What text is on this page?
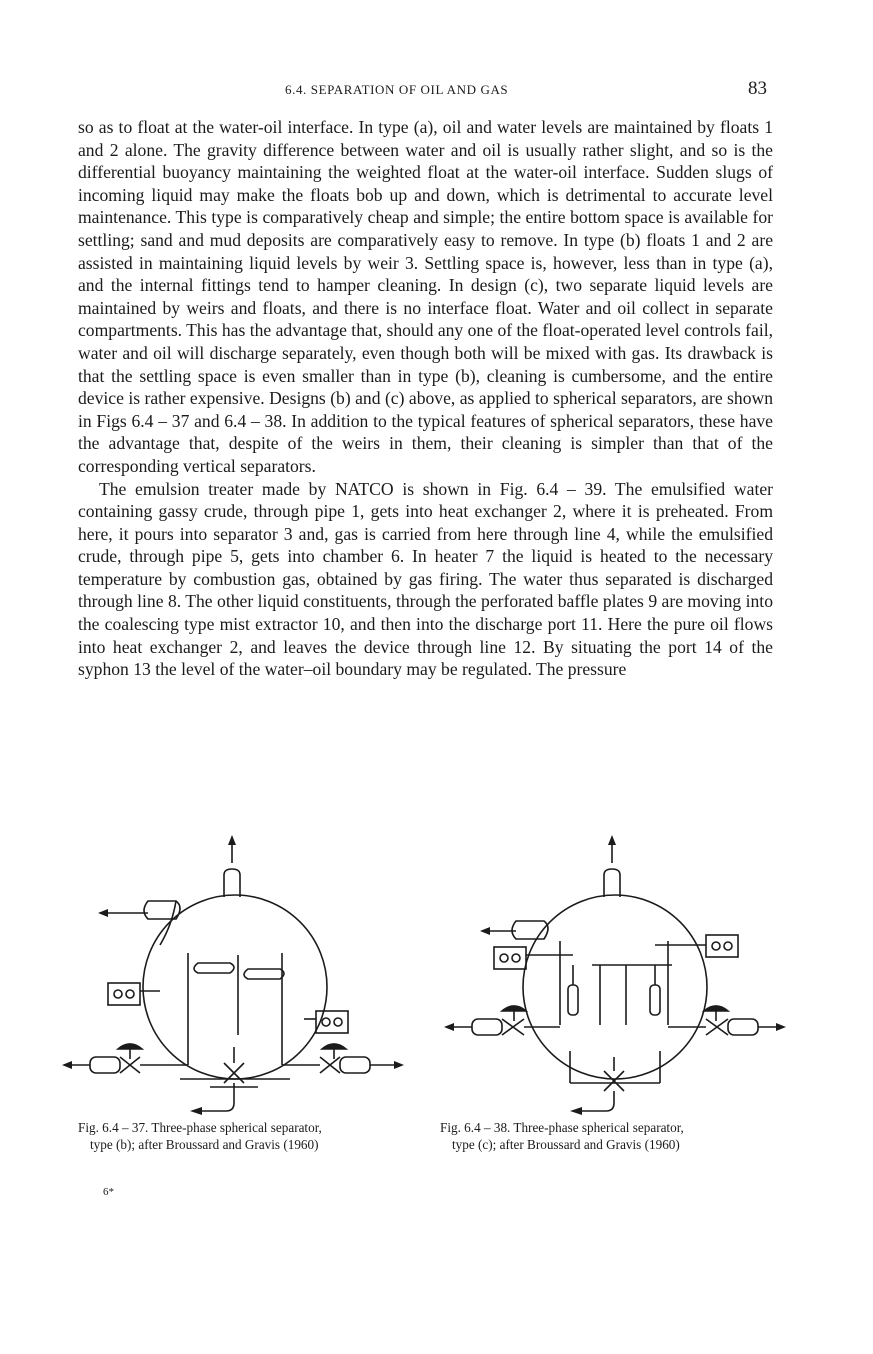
6.4. SEPARATION OF OIL AND GAS	83

so as to float at the water-oil interface. In type (a), oil and water levels are maintained by floats 1 and 2 alone. The gravity difference between water and oil is usually rather slight, and so is the differential buoyancy maintaining the weighted float at the water-oil interface. Sudden slugs of incoming liquid may make the floats bob up and down, which is detrimental to accurate level maintenance. This type is comparatively cheap and simple; the entire bottom space is available for settling; sand and mud deposits are comparatively easy to remove. In type (b) floats 1 and 2 are assisted in maintaining liquid levels by weir 3. Settling space is, however, less than in type (a), and the internal fittings tend to hamper cleaning. In design (c), two separate liquid levels are maintained by weirs and floats, and there is no interface float. Water and oil collect in separate compartments. This has the advantage that, should any one of the float-operated level controls fail, water and oil will discharge separately, even though both will be mixed with gas. Its drawback is that the settling space is even smaller than in type (b), cleaning is cumbersome, and the entire device is rather expensive. Designs (b) and (c) above, as applied to spherical separators, are shown in Figs 6.4 – 37 and 6.4 – 38. In addition to the typical features of spherical separators, these have the advantage that, despite of the weirs in them, their cleaning is simpler than that of the corresponding vertical separators.

The emulsion treater made by NATCO is shown in Fig. 6.4 – 39. The emulsified water containing gassy crude, through pipe 1, gets into heat exchanger 2, where it is preheated. From here, it pours into separator 3 and, gas is carried from here through line 4, while the emulsified crude, through pipe 5, gets into chamber 6. In heater 7 the liquid is heated to the necessary temperature by combustion gas, obtained by gas firing. The water thus separated is discharged through line 8. The other liquid constituents, through the perforated baffle plates 9 are moving into the coalescing type mist extractor 10, and then into the discharge port 11. Here the pure oil flows into heat exchanger 2, and leaves the device through line 12. By situating the port 14 of the syphon 13 the level of the water–oil boundary may be regulated. The pressure

Fig. 6.4 – 37. Three-phase spherical separator,
type (b); after Broussard and Gravis (1960)
Fig. 6.4 – 38. Three-phase spherical separator,
type (c); after Broussard and Gravis (1960)
6*
